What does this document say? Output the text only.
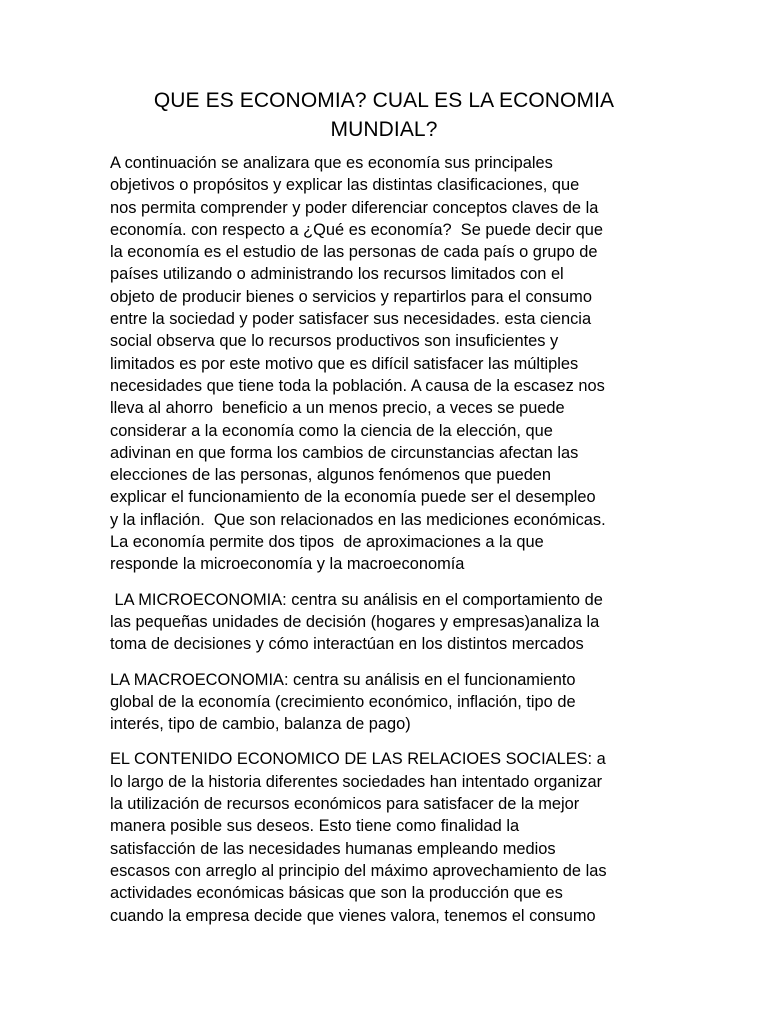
QUE ES ECONOMIA? CUAL ES LA ECONOMIA
MUNDIAL?

A continuación se analizara que es economía sus principales
objetivos o propósitos y explicar las distintas clasificaciones, que
nos permita comprender y poder diferenciar conceptos claves de la
economía. con respecto a ¿Qué es economía?  Se puede decir que
la economía es el estudio de las personas de cada país o grupo de
países utilizando o administrando los recursos limitados con el
objeto de producir bienes o servicios y repartirlos para el consumo
entre la sociedad y poder satisfacer sus necesidades. esta ciencia
social observa que lo recursos productivos son insuficientes y
limitados es por este motivo que es difícil satisfacer las múltiples
necesidades que tiene toda la población. A causa de la escasez nos
lleva al ahorro  beneficio a un menos precio, a veces se puede
considerar a la economía como la ciencia de la elección, que
adivinan en que forma los cambios de circunstancias afectan las
elecciones de las personas, algunos fenómenos que pueden
explicar el funcionamiento de la economía puede ser el desempleo
y la inflación.  Que son relacionados en las mediciones económicas.
La economía permite dos tipos  de aproximaciones a la que
responde la microeconomía y la macroeconomía

LA MICROECONOMIA: centra su análisis en el comportamiento de
las pequeñas unidades de decisión (hogares y empresas)analiza la
toma de decisiones y cómo interactúan en los distintos mercados

LA MACROECONOMIA: centra su análisis en el funcionamiento
global de la economía (crecimiento económico, inflación, tipo de
interés, tipo de cambio, balanza de pago)

EL CONTENIDO ECONOMICO DE LAS RELACIOES SOCIALES: a
lo largo de la historia diferentes sociedades han intentado organizar
la utilización de recursos económicos para satisfacer de la mejor
manera posible sus deseos. Esto tiene como finalidad la
satisfacción de las necesidades humanas empleando medios
escasos con arreglo al principio del máximo aprovechamiento de las
actividades económicas básicas que son la producción que es
cuando la empresa decide que vienes valora, tenemos el consumo
